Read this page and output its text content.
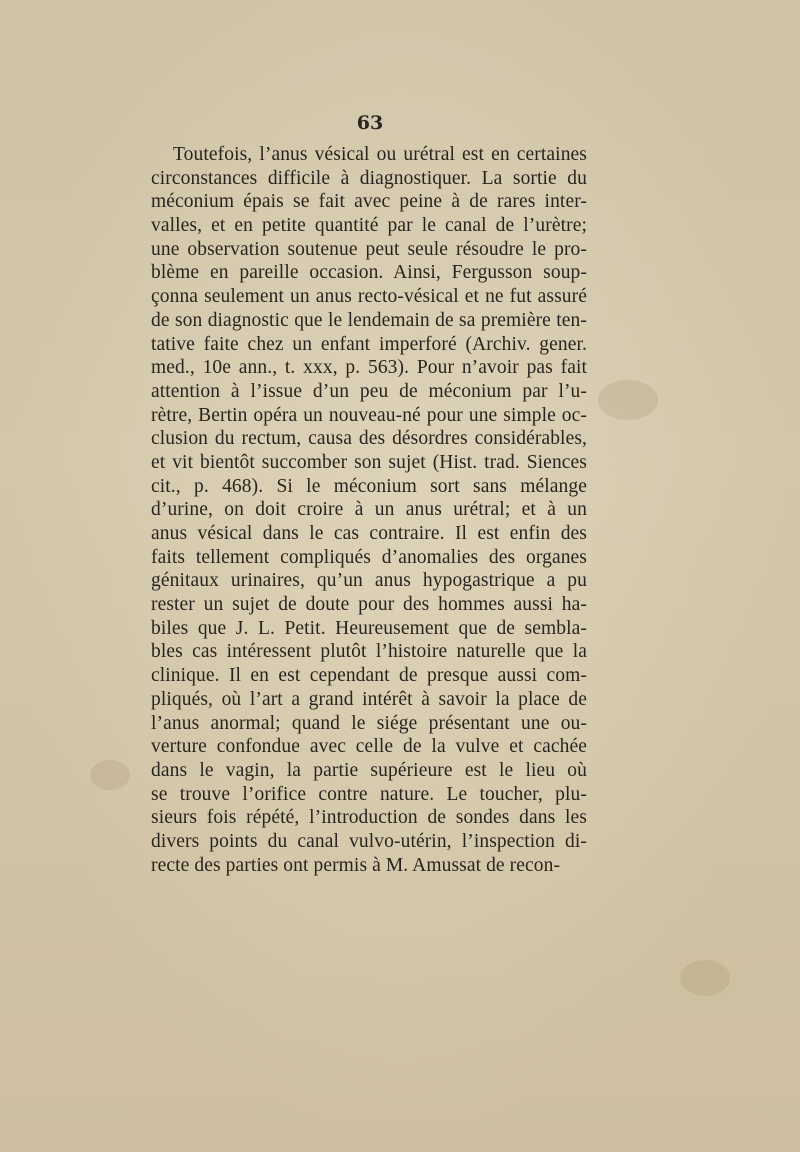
63
Toutefois, l’anus vésical ou urétral est en certaines
circonstances difficile à diagnostiquer. La sortie du
méconium épais se fait avec peine à de rares inter-
valles, et en petite quantité par le canal de l’urètre;
une observation soutenue peut seule résoudre le pro-
blème en pareille occasion. Ainsi, Fergusson soup-
çonna seulement un anus recto-vésical et ne fut assuré
de son diagnostic que le lendemain de sa première ten-
tative faite chez un enfant imperforé (Archiv. gener.
med., 10e ann., t. xxx, p. 563). Pour n’avoir pas fait
attention à l’issue d’un peu de méconium par l’u-
rètre, Bertin opéra un nouveau-né pour une simple oc-
clusion du rectum, causa des désordres considérables,
et vit bientôt succomber son sujet (Hist. trad. Siences
cit., p. 468). Si le méconium sort sans mélange
d’urine, on doit croire à un anus urétral; et à un
anus vésical dans le cas contraire. Il est enfin des
faits tellement compliqués d’anomalies des organes
génitaux urinaires, qu’un anus hypogastrique a pu
rester un sujet de doute pour des hommes aussi ha-
biles que J. L. Petit. Heureusement que de sembla-
bles cas intéressent plutôt l’histoire naturelle que la
clinique. Il en est cependant de presque aussi com-
pliqués, où l’art a grand intérêt à savoir la place de
l’anus anormal; quand le siége présentant une ou-
verture confondue avec celle de la vulve et cachée
dans le vagin, la partie supérieure est le lieu où
se trouve l’orifice contre nature. Le toucher, plu-
sieurs fois répété, l’introduction de sondes dans les
divers points du canal vulvo-utérin, l’inspection di-
recte des parties ont permis à M. Amussat de recon-
